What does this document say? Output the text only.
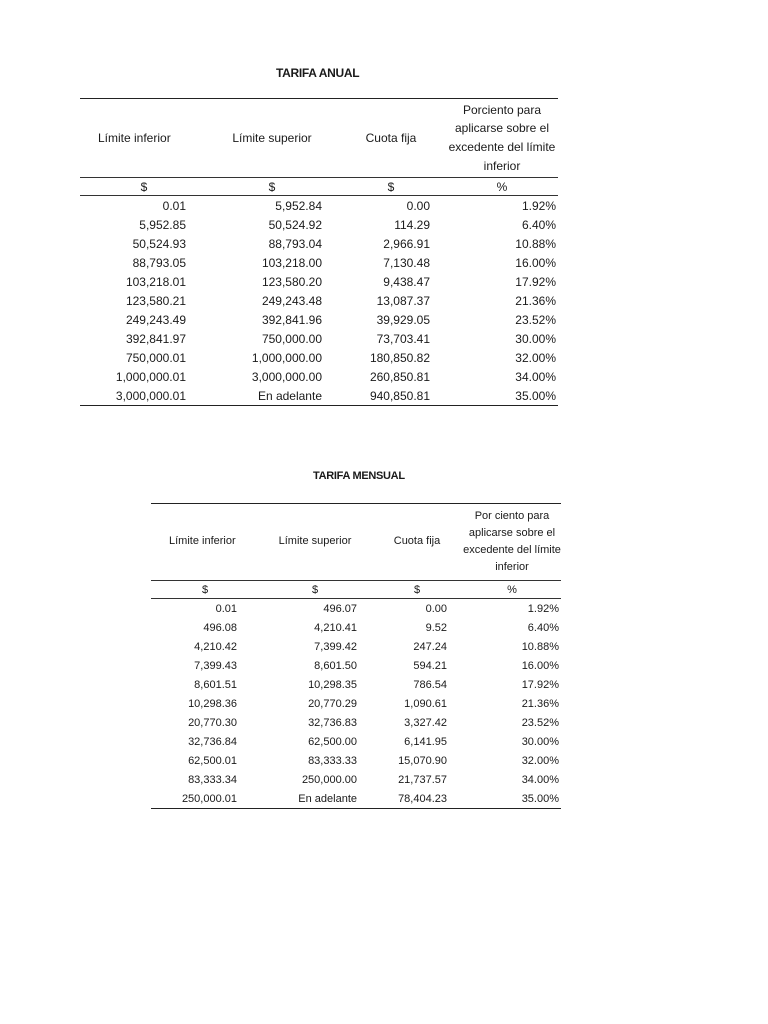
TARIFA ANUAL
Límite inferior	Límite superior	Cuota fija	Porciento para aplicarse sobre el excedente del límite inferior
$	$	$	%
0.01	5,952.84	0.00	1.92%
5,952.85	50,524.92	114.29	6.40%
50,524.93	88,793.04	2,966.91	10.88%
88,793.05	103,218.00	7,130.48	16.00%
103,218.01	123,580.20	9,438.47	17.92%
123,580.21	249,243.48	13,087.37	21.36%
249,243.49	392,841.96	39,929.05	23.52%
392,841.97	750,000.00	73,703.41	30.00%
750,000.01	1,000,000.00	180,850.82	32.00%
1,000,000.01	3,000,000.00	260,850.81	34.00%
3,000,000.01	En adelante	940,850.81	35.00%
TARIFA MENSUAL
Límite inferior	Límite superior	Cuota fija	Por ciento para aplicarse sobre el excedente del límite inferior
$	$	$	%
0.01	496.07	0.00	1.92%
496.08	4,210.41	9.52	6.40%
4,210.42	7,399.42	247.24	10.88%
7,399.43	8,601.50	594.21	16.00%
8,601.51	10,298.35	786.54	17.92%
10,298.36	20,770.29	1,090.61	21.36%
20,770.30	32,736.83	3,327.42	23.52%
32,736.84	62,500.00	6,141.95	30.00%
62,500.01	83,333.33	15,070.90	32.00%
83,333.34	250,000.00	21,737.57	34.00%
250,000.01	En adelante	78,404.23	35.00%
